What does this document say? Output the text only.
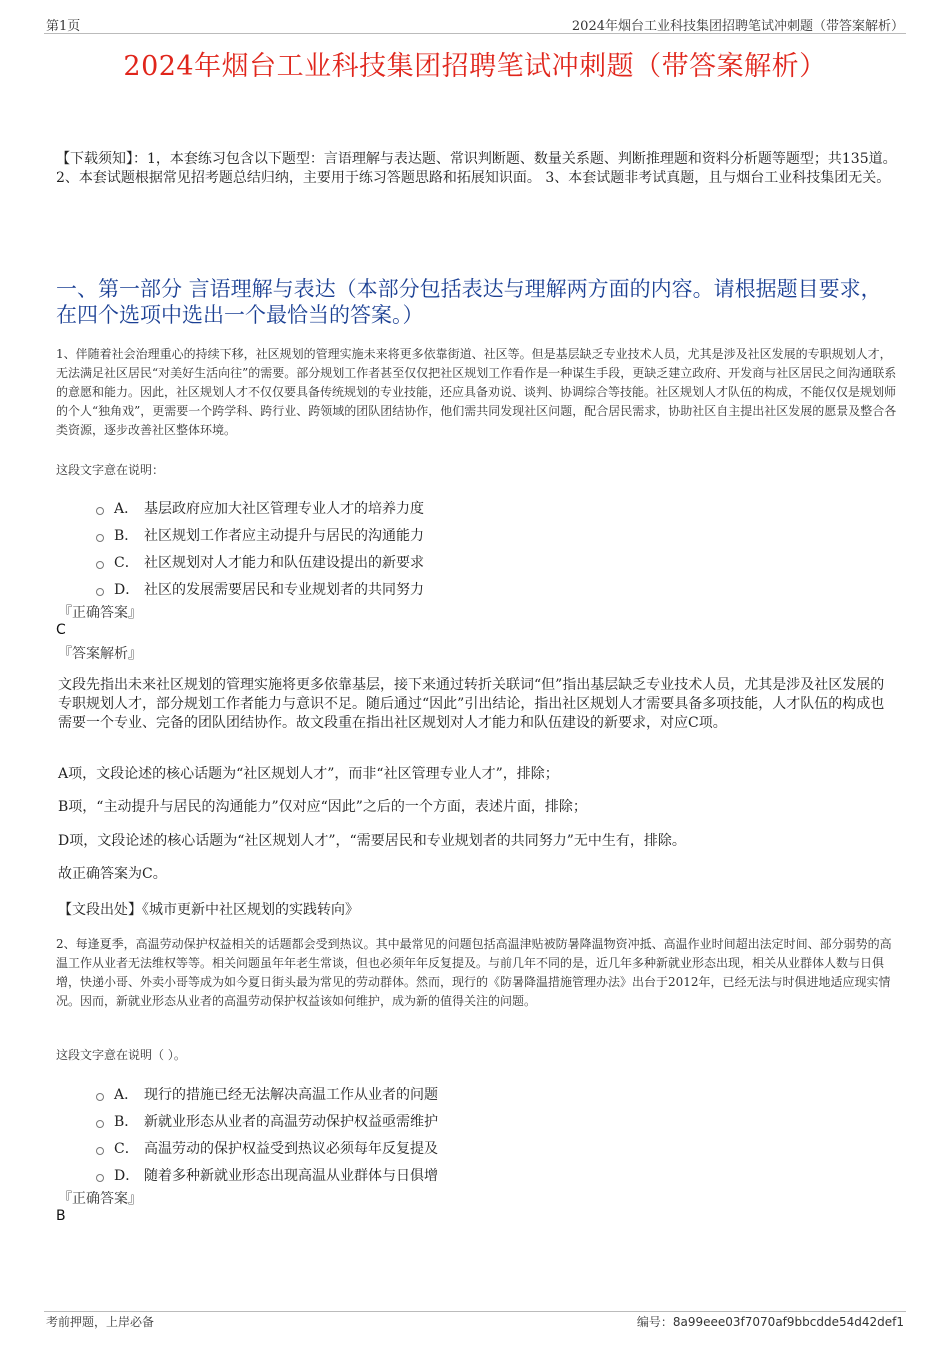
第1页	2024年烟台工业科技集团招聘笔试冲刺题（带答案解析）
2024年烟台工业科技集团招聘笔试冲刺题（带答案解析）
【下载须知】：1，本套练习包含以下题型：言语理解与表达题、常识判断题、数量关系题、判断推理题和资料分析题等题型；共135道。 2、本套试题根据常见招考题总结归纳，主要用于练习答题思路和拓展知识面。 3、本套试题非考试真题，且与烟台工业科技集团无关。
一、第一部分 言语理解与表达（本部分包括表达与理解两方面的内容。请根据题目要求，在四个选项中选出一个最恰当的答案。）
1、伴随着社会治理重心的持续下移，社区规划的管理实施未来将更多依靠街道、社区等。但是基层缺乏专业技术人员，尤其是涉及社区发展的专职规划人才，无法满足社区居民“对美好生活向往”的需要。部分规划工作者甚至仅仅把社区规划工作看作是一种谋生手段，更缺乏建立政府、开发商与社区居民之间沟通联系的意愿和能力。因此，社区规划人才不仅仅要具备传统规划的专业技能，还应具备劝说、谈判、协调综合等技能。社区规划人才队伍的构成，不能仅仅是规划师的个人“独角戏”，更需要一个跨学科、跨行业、跨领域的团队团结协作，他们需共同发现社区问题，配合居民需求，协助社区自主提出社区发展的愿景及整合各类资源，逐步改善社区整体环境。
这段文字意在说明：
A． 基层政府应加大社区管理专业人才的培养力度
B． 社区规划工作者应主动提升与居民的沟通能力
C． 社区规划对人才能力和队伍建设提出的新要求
D． 社区的发展需要居民和专业规划者的共同努力
『正确答案』
C
『答案解析』
文段先指出未来社区规划的管理实施将更多依靠基层，接下来通过转折关联词“但”指出基层缺乏专业技术人员，尤其是涉及社区发展的专职规划人才，部分规划工作者能力与意识不足。随后通过“因此”引出结论，指出社区规划人才需要具备多项技能，人才队伍的构成也需要一个专业、完备的团队团结协作。故文段重在指出社区规划对人才能力和队伍建设的新要求，对应C项。
A项，文段论述的核心话题为“社区规划人才”，而非“社区管理专业人才”，排除；
B项，“主动提升与居民的沟通能力”仅对应“因此”之后的一个方面，表述片面，排除；
D项，文段论述的核心话题为“社区规划人才”，“需要居民和专业规划者的共同努力”无中生有，排除。
故正确答案为C。
【文段出处】《城市更新中社区规划的实践转向》
2、每逢夏季，高温劳动保护权益相关的话题都会受到热议。其中最常见的问题包括高温津贴被防暑降温物资冲抵、高温作业时间超出法定时间、部分弱势的高温工作从业者无法维权等等。相关问题虽年年老生常谈，但也必须年年反复提及。与前几年不同的是，近几年多种新就业形态出现，相关从业群体人数与日俱增，快递小哥、外卖小哥等成为如今夏日街头最为常见的劳动群体。然而，现行的《防暑降温措施管理办法》出台于2012年，已经无法与时俱进地适应现实情况。因而，新就业形态从业者的高温劳动保护权益该如何维护，成为新的值得关注的问题。
这段文字意在说明（ ）。
A． 现行的措施已经无法解决高温工作从业者的问题
B． 新就业形态从业者的高温劳动保护权益亟需维护
C． 高温劳动的保护权益受到热议必须每年反复提及
D． 随着多种新就业形态出现高温从业群体与日俱增
『正确答案』
B
考前押题，上岸必备	编号：8a99eee03f7070af9bbcdde54d42def1
